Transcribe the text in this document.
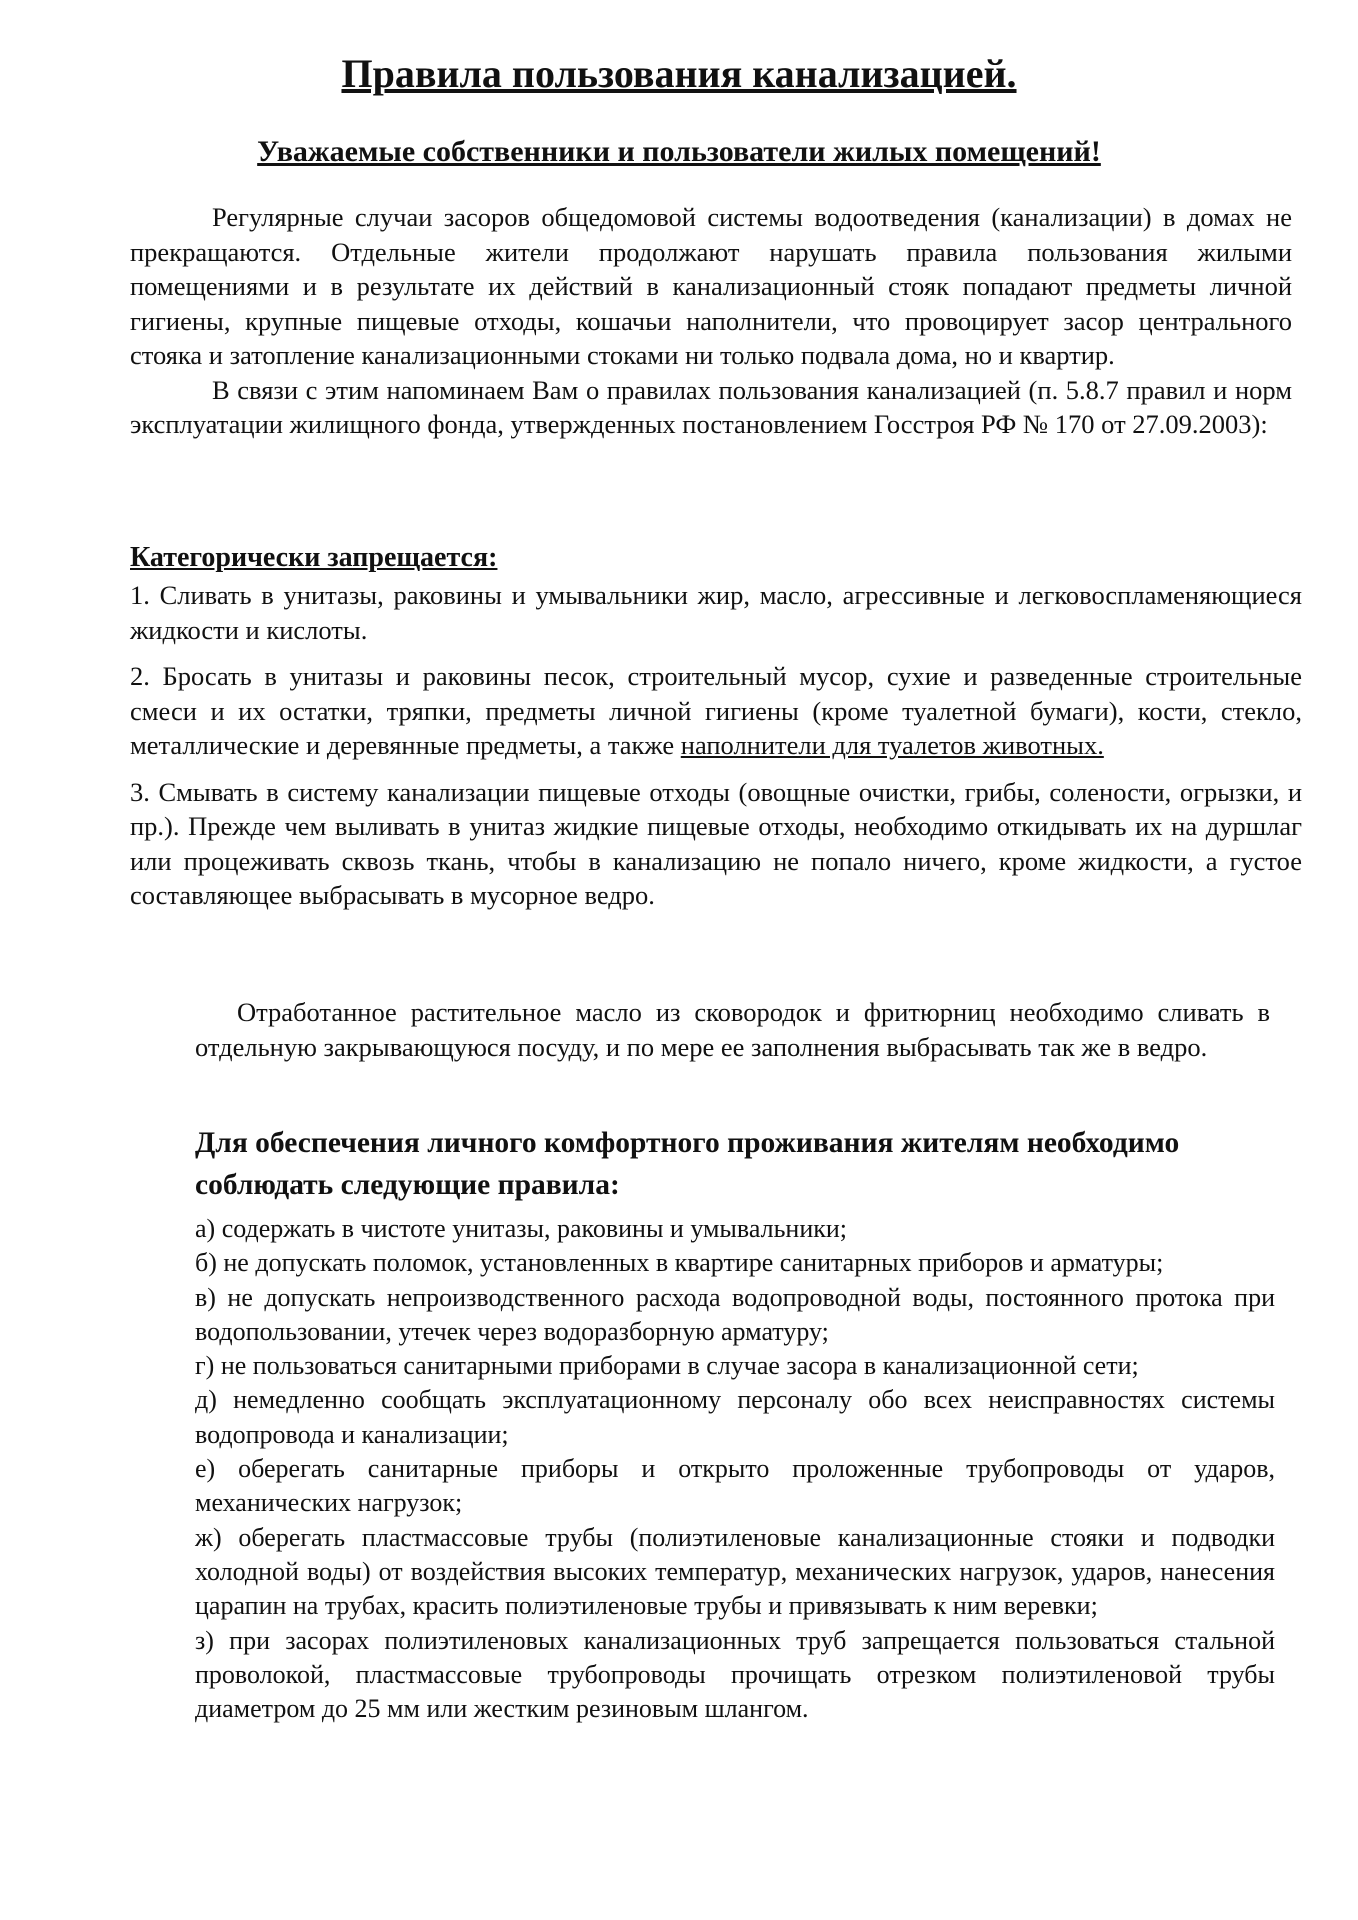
Правила пользования канализацией.
Уважаемые собственники и пользователи жилых помещений!

Регулярные случаи засоров общедомовой системы водоотведения (канализации) в домах не прекращаются. Отдельные жители продолжают нарушать правила пользования жилыми помещениями и в результате их действий в канализационный стояк попадают предметы личной гигиены, крупные пищевые отходы, кошачьи наполнители, что провоцирует засор центрального стояка и затопление канализационными стоками ни только подвала дома, но и квартир.

В связи с этим напоминаем Вам о правилах пользования канализацией (п. 5.8.7 правил и норм эксплуатации жилищного фонда, утвержденных постановлением Госстроя РФ № 170 от 27.09.2003):

Категорически запрещается:

1. Сливать в унитазы, раковины и умывальники жир, масло, агрессивные и легковоспламеняющиеся жидкости и кислоты.

2. Бросать в унитазы и раковины песок, строительный мусор, сухие и разведенные строительные смеси и их остатки, тряпки, предметы личной гигиены (кроме туалетной бумаги), кости, стекло, металлические и деревянные предметы, а также наполнители для туалетов животных.

3. Смывать в систему канализации пищевые отходы (овощные очистки, грибы, солености, огрызки, и пр.). Прежде чем выливать в унитаз жидкие пищевые отходы, необходимо откидывать их на дуршлаг или процеживать сквозь ткань, чтобы в канализацию не попало ничего, кроме жидкости, а густое составляющее выбрасывать в мусорное ведро.

Отработанное растительное масло из сковородок и фритюрниц необходимо сливать в отдельную закрывающуюся посуду, и по мере ее заполнения выбрасывать так же в ведро.

Для обеспечения личного комфортного проживания жителям необходимо соблюдать следующие правила:
а) содержать в чистоте унитазы, раковины и умывальники;
б) не допускать поломок, установленных в квартире санитарных приборов и арматуры;
в) не допускать непроизводственного расхода водопроводной воды, постоянного протока при водопользовании, утечек через водоразборную арматуру;
г) не пользоваться санитарными приборами в случае засора в канализационной сети;
д) немедленно сообщать эксплуатационному персоналу обо всех неисправностях системы водопровода и канализации;
е) оберегать санитарные приборы и открыто проложенные трубопроводы от ударов, механических нагрузок;
ж) оберегать пластмассовые трубы (полиэтиленовые канализационные стояки и подводки холодной воды) от воздействия высоких температур, механических нагрузок, ударов, нанесения царапин на трубах, красить полиэтиленовые трубы и привязывать к ним веревки;
з) при засорах полиэтиленовых канализационных труб запрещается пользоваться стальной проволокой, пластмассовые трубопроводы прочищать отрезком полиэтиленовой трубы диаметром до 25 мм или жестким резиновым шлангом.
